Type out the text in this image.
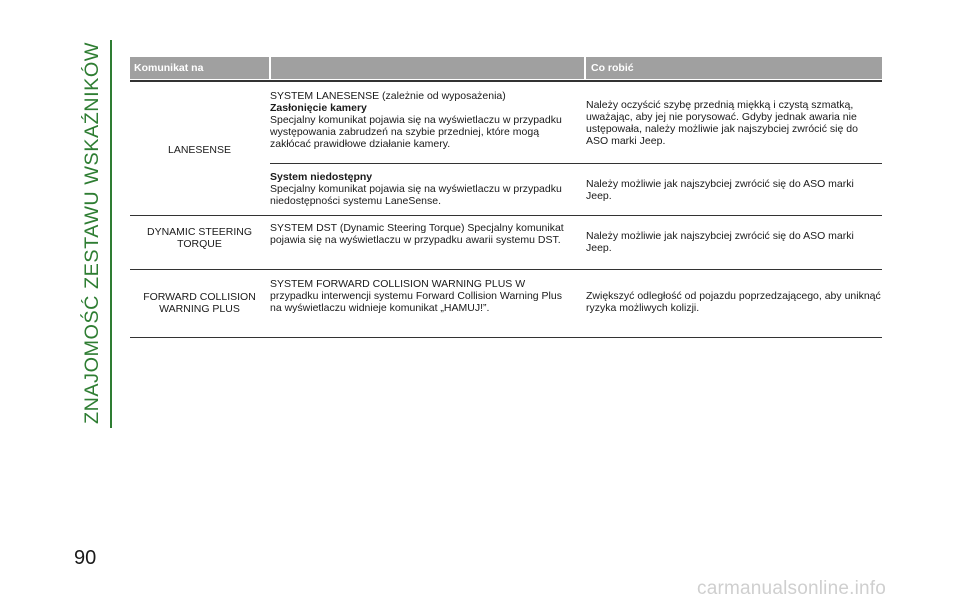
ZNAJOMOŚĆ ZESTAWU WSKAŹNIKÓW
90
Komunikat na wyświetlaczu
Co robić
LANESENSE
SYSTEM LANESENSE (zależnie od wyposażenia)
Zasłonięcie kamery
Specjalny komunikat pojawia się na wyświetlaczu w przypadku występowania zabrudzeń na szybie przedniej, które mogą zakłócać prawidłowe działanie kamery.
Należy oczyścić szybę przednią miękką i czystą szmatką, uważając, aby jej nie porysować. Gdyby jednak awaria nie ustępowała, należy możliwie jak najszybciej zwrócić się do ASO marki Jeep.
System niedostępny
Specjalny komunikat pojawia się na wyświetlaczu w przypadku niedostępności systemu LaneSense.
Należy możliwie jak najszybciej zwrócić się do ASO marki Jeep.
DYNAMIC STEERING TORQUE
SYSTEM DST (Dynamic Steering Torque) Specjalny komunikat pojawia się na wyświetlaczu w przypadku awarii systemu DST.	Należy możliwie jak najszybciej zwrócić się do ASO marki Jeep.
FORWARD COLLISION WARNING PLUS
SYSTEM FORWARD COLLISION WARNING PLUS W przypadku interwencji systemu Forward Collision Warning Plus na wyświetlaczu widnieje komunikat „HAMUJ!”.
Zwiększyć odległość od pojazdu poprzedzającego, aby uniknąć ryzyka możliwych kolizji.
carmanualsonline.info
